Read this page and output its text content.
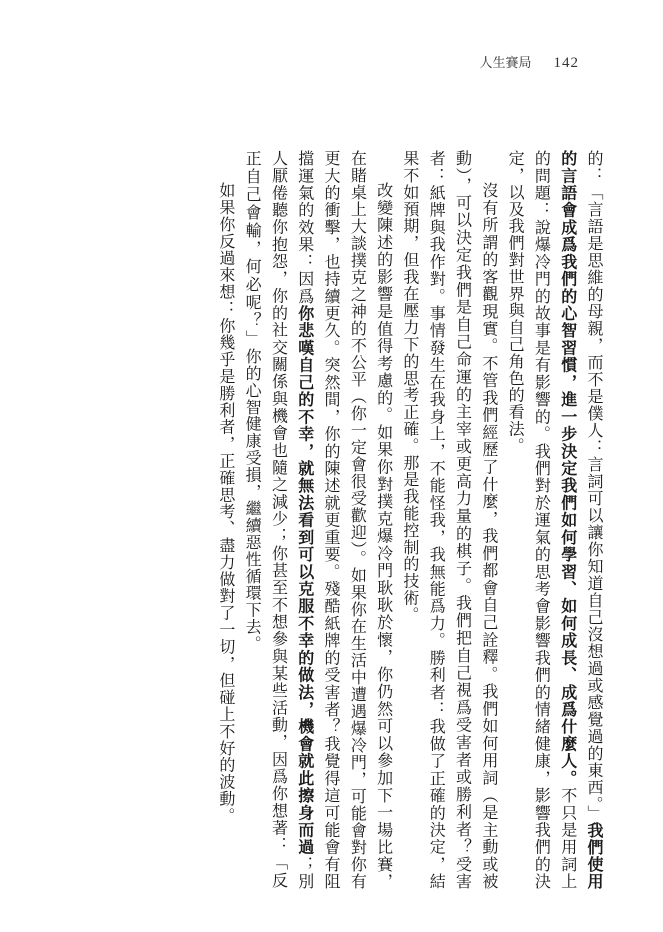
人生賽局 142

的：「言語是思維的母親，而不是僕人：言詞可以讓你知道自己沒想過或感覺過的東西。」我們使用的言語會成爲我們的心智習慣，進一步決定我們如何學習、如何成長、成爲什麼人。不只是用詞上的問題：說爆冷門的故事是有影響的。我們對於運氣的思考會影響我們的情緒健康，影響我們的決定，以及我們對世界與自己角色的看法。

沒有所謂的客觀現實。不管我們經歷了什麼，我們都會自己詮釋。我們如何用詞（是主動或被動），可以決定我們是自己命運的主宰或更高力量的棋子。我們把自己視爲受害者或勝利者？受害者：紙牌與我作對。事情發生在我身上，不能怪我，我無能爲力。勝利者：我做了正確的決定，結果不如預期，但我在壓力下的思考正確。那是我能控制的技術。

改變陳述的影響是值得考慮的。如果你對撲克爆冷門耿耿於懷，你仍然可以參加下一場比賽，在賭桌上大談撲克之神的不公平（你一定會很受歡迎）。如果你在生活中遭遇爆冷門，可能會對你有更大的衝擊，也持續更久。突然間，你的陳述就更重要。殘酷紙牌的受害者？我覺得這可能會有阻擋運氣的效果：因爲你悲嘆自己的不幸，就無法看到可以克服不幸的做法，機會就此擦身而過；別人厭倦聽你抱怨，你的社交關係與機會也隨之減少；你甚至不想參與某些活動，因爲你想著：「反正自己會輸，何必呢？」你的心智健康受損，繼續惡性循環下去。

如果你反過來想：你幾乎是勝利者，正確思考、盡力做對了一切，但碰上不好的波動。
